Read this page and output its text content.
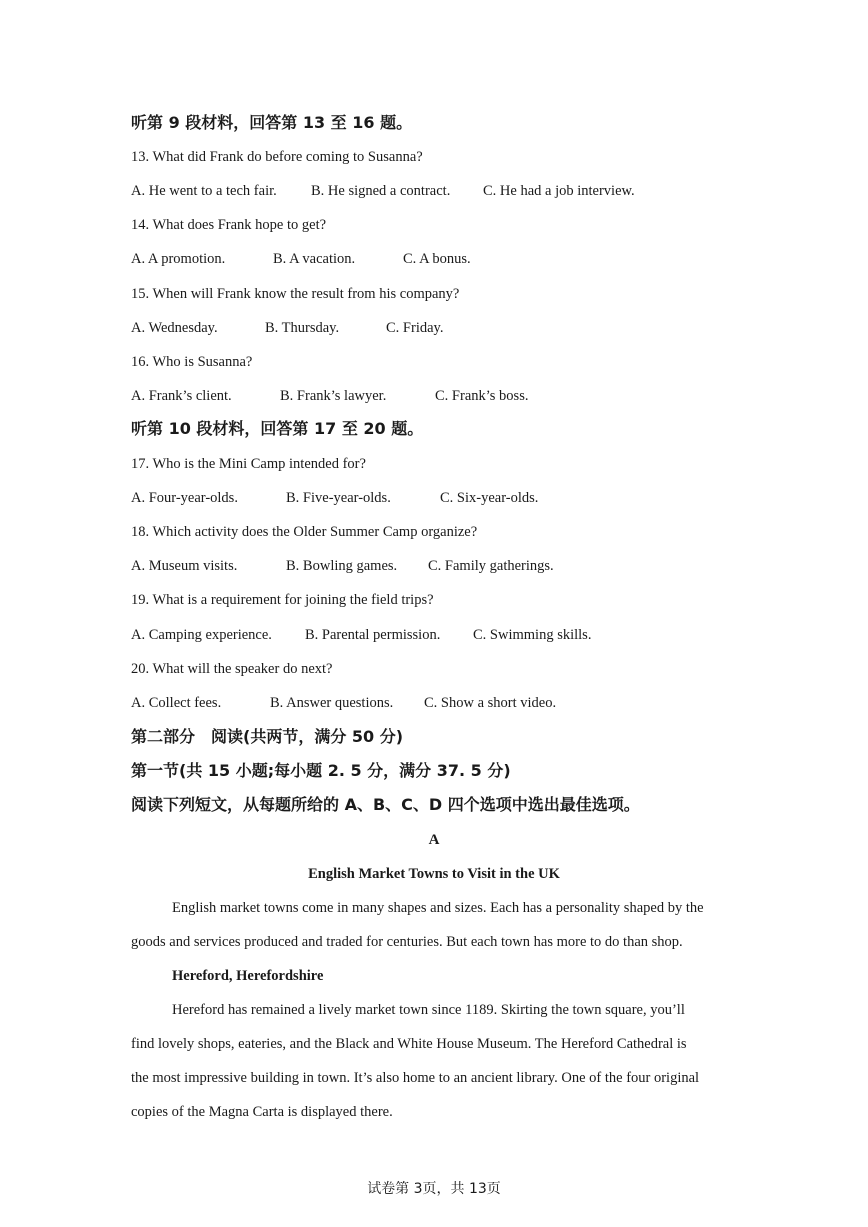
听第 9 段材料，回答第 13 至 16 题。
13. What did Frank do before coming to Susanna?
A. He went to a tech fair. B. He signed a contract. C. He had a job interview.
14. What does Frank hope to get?
A. A promotion.	B. A vacation.	C. A bonus.
15. When will Frank know the result from his company?
A. Wednesday.	B. Thursday.	C. Friday.
16. Who is Susanna?
A. Frank’s client.	B. Frank’s lawyer.	C. Frank’s boss.
听第 10 段材料，回答第 17 至 20 题。
17. Who is the Mini Camp intended for?
A. Four-year-olds.	B. Five-year-olds.	C. Six-year-olds.
18. Which activity does the Older Summer Camp organize?
A. Museum visits.	B. Bowling games. C. Family gatherings.
19. What is a requirement for joining the field trips?
A. Camping experience. B. Parental permission. C. Swimming skills.
20. What will the speaker do next?
A. Collect fees.	B. Answer questions. C. Show a short video.
第二部分　阅读(共两节，满分 50 分)
第一节(共 15 小题;每小题 2. 5 分，满分 37. 5 分)
阅读下列短文，从每题所给的 A、B、C、D 四个选项中选出最佳选项。
A
English Market Towns to Visit in the UK
English market towns come in many shapes and sizes. Each has a personality shaped by the
goods and services produced and traded for centuries. But each town has more to do than shop.
Hereford, Herefordshire
Hereford has remained a lively market town since 1189. Skirting the town square, you’ll
find lovely shops, eateries, and the Black and White House Museum. The Hereford Cathedral is
the most impressive building in town. It’s also home to an ancient library. One of the four original
copies of the Magna Carta is displayed there.
试卷第 3页，共 13页
